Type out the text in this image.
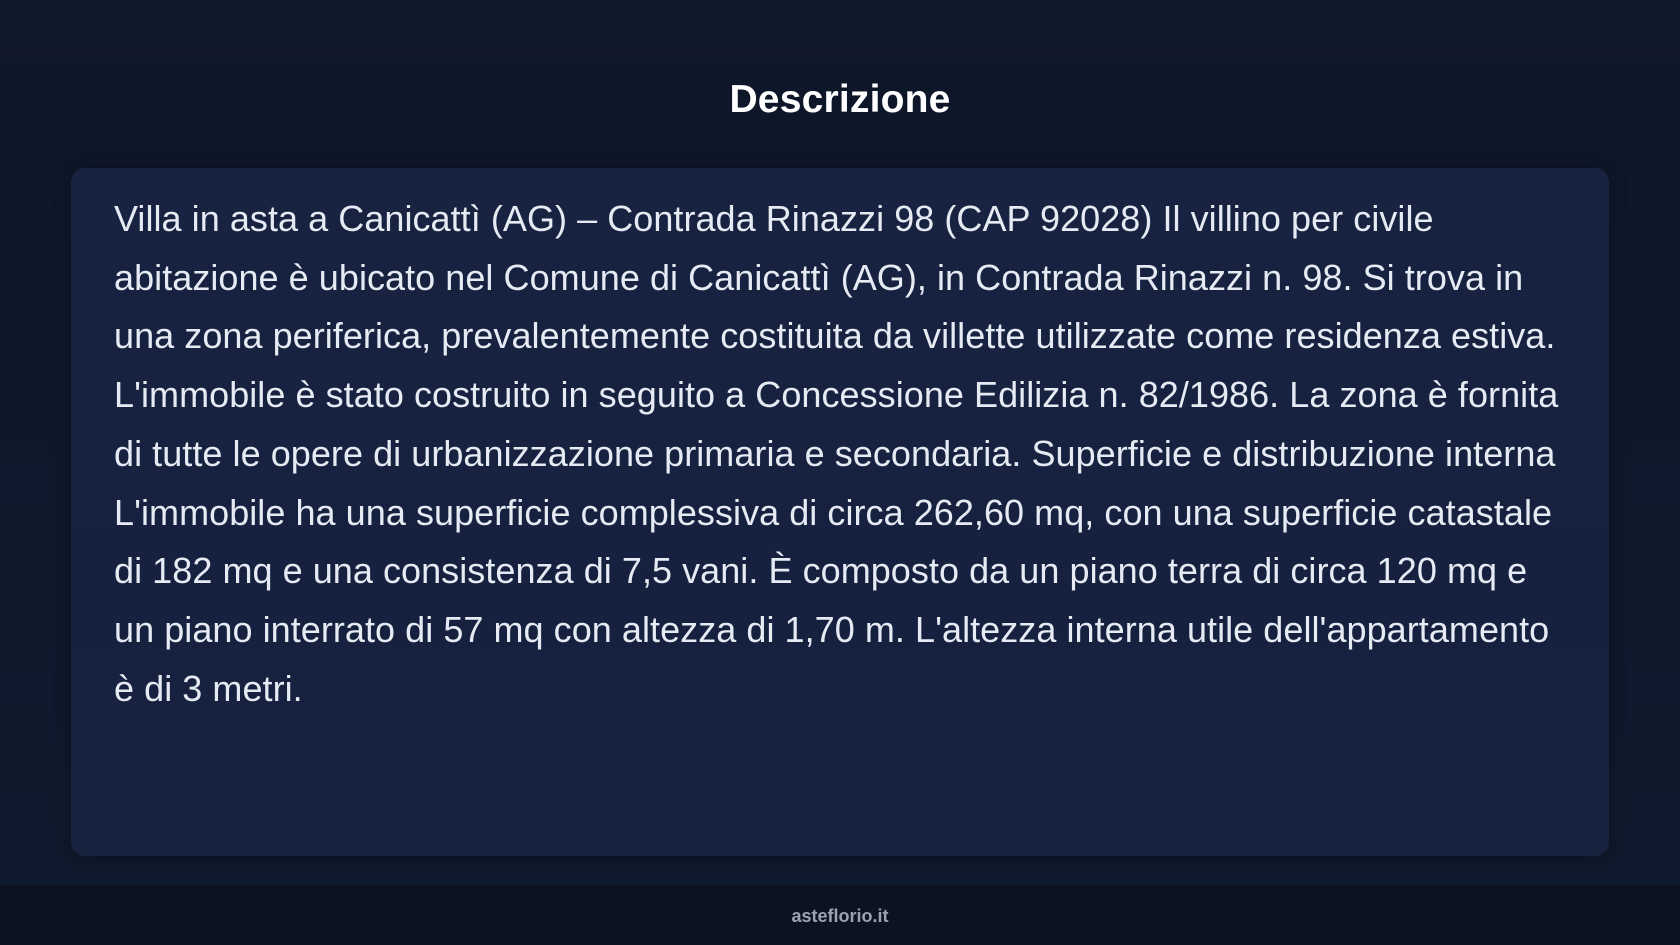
Descrizione

Villa in asta a Canicattì (AG) – Contrada Rinazzi 98 (CAP 92028) Il villino per civile abitazione è ubicato nel Comune di Canicattì (AG), in Contrada Rinazzi n. 98. Si trova in una zona periferica, prevalentemente costituita da villette utilizzate come residenza estiva. L'immobile è stato costruito in seguito a Concessione Edilizia n. 82/1986. La zona è fornita di tutte le opere di urbanizzazione primaria e secondaria. Superficie e distribuzione interna L'immobile ha una superficie complessiva di circa 262,60 mq, con una superficie catastale di 182 mq e una consistenza di 7,5 vani. È composto da un piano terra di circa 120 mq e un piano interrato di 57 mq con altezza di 1,70 m. L'altezza interna utile dell'appartamento è di 3 metri.

asteflorio.it
